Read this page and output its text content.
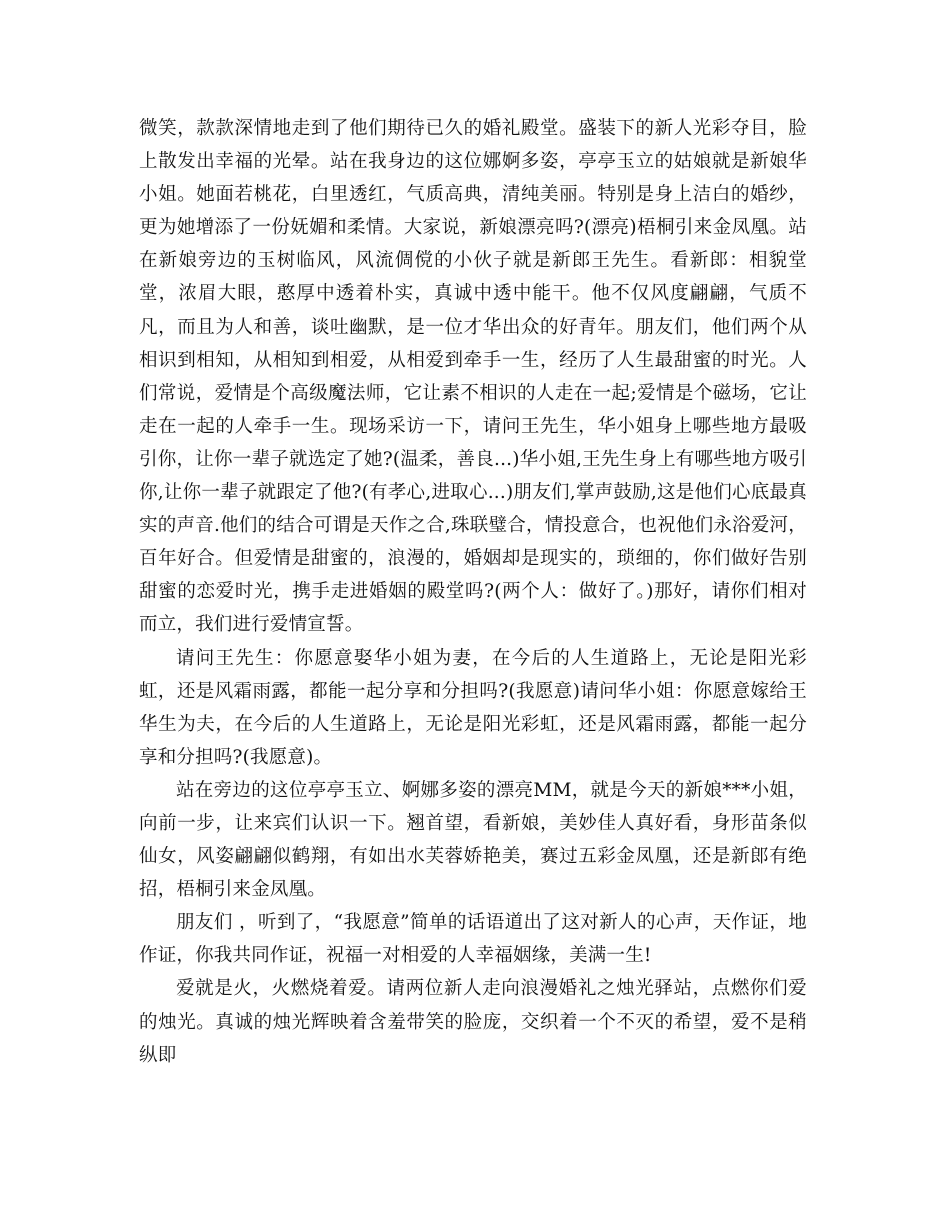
微笑，款款深情地走到了他们期待已久的婚礼殿堂。盛装下的新人光彩夺目，脸上散发出幸福的光晕。站在我身边的这位娜婀多姿，亭亭玉立的姑娘就是新娘华小姐。她面若桃花，白里透红，气质高典，清纯美丽。特别是身上洁白的婚纱，更为她增添了一份妩媚和柔情。大家说，新娘漂亮吗?(漂亮)梧桐引来金凤凰。站在新娘旁边的玉树临风，风流倜傥的小伙子就是新郎王先生。看新郎：相貌堂堂，浓眉大眼，憨厚中透着朴实，真诚中透中能干。他不仅风度翩翩，气质不凡，而且为人和善，谈吐幽默，是一位才华出众的好青年。朋友们，他们两个从相识到相知，从相知到相爱，从相爱到牵手一生，经历了人生最甜蜜的时光。人们常说，爱情是个高级魔法师，它让素不相识的人走在一起;爱情是个磁场，它让走在一起的人牵手一生。现场采访一下，请问王先生，华小姐身上哪些地方最吸引你，让你一辈子就选定了她?(温柔，善良...)华小姐,王先生身上有哪些地方吸引你,让你一辈子就跟定了他?(有孝心,进取心...)朋友们,掌声鼓励,这是他们心底最真实的声音.他们的结合可谓是天作之合,珠联璧合，情投意合，也祝他们永浴爱河，百年好合。但爱情是甜蜜的，浪漫的，婚姻却是现实的，琐细的，你们做好告别甜蜜的恋爱时光，携手走进婚姻的殿堂吗?(两个人：做好了。)那好，请你们相对而立，我们进行爱情宣誓。

请问王先生：你愿意娶华小姐为妻，在今后的人生道路上，无论是阳光彩虹，还是风霜雨露，都能一起分享和分担吗?(我愿意)请问华小姐：你愿意嫁给王华生为夫，在今后的人生道路上，无论是阳光彩虹，还是风霜雨露，都能一起分享和分担吗?(我愿意)。

站在旁边的这位亭亭玉立、婀娜多姿的漂亮MM，就是今天的新娘***小姐，向前一步，让来宾们认识一下。翘首望，看新娘，美妙佳人真好看，身形苗条似仙女，风姿翩翩似鹤翔，有如出水芙蓉娇艳美，赛过五彩金凤凰，还是新郎有绝招，梧桐引来金凤凰。

朋友们 ，听到了，“我愿意”简单的话语道出了这对新人的心声，天作证，地作证，你我共同作证，祝福一对相爱的人幸福姻缘，美满一生!

爱就是火，火燃烧着爱。请两位新人走向浪漫婚礼之烛光驿站，点燃你们爱的烛光。真诚的烛光辉映着含羞带笑的脸庞，交织着一个不灭的希望，爱不是稍纵即
